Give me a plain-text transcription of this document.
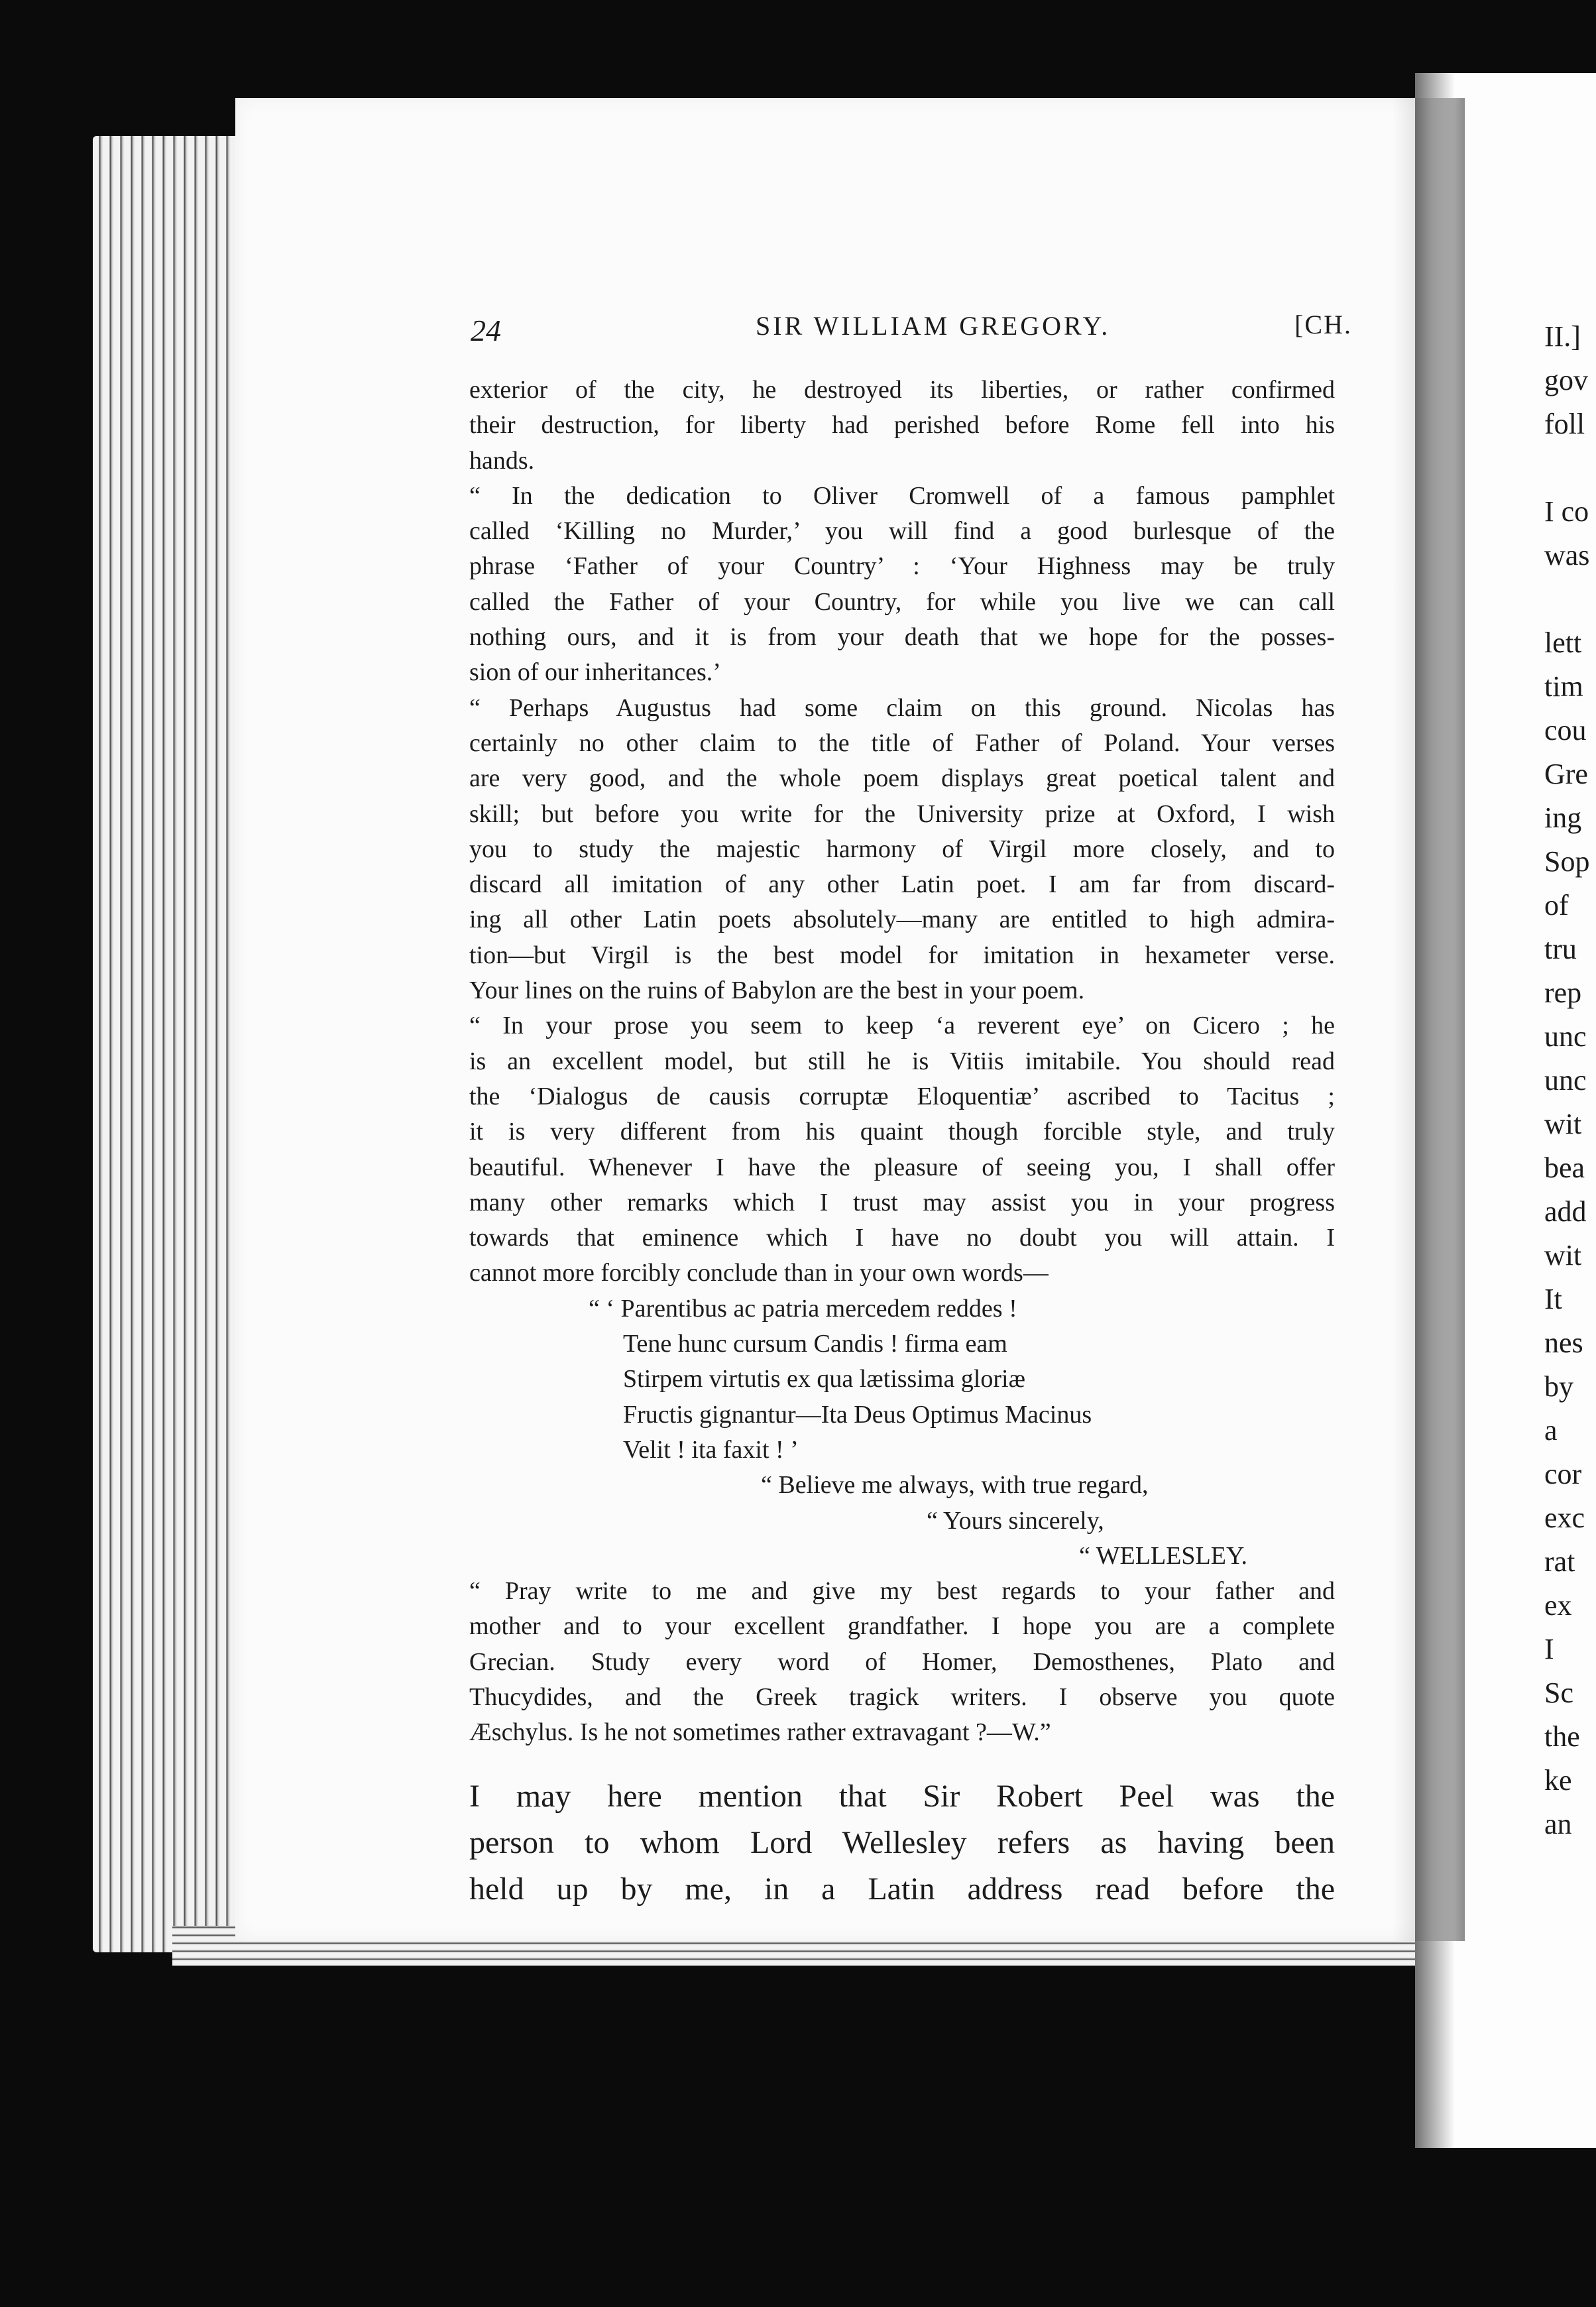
24	SIR WILLIAM GREGORY.	[CH.
exterior of the city, he destroyed its liberties, or rather confirmed
their destruction, for liberty had perished before Rome fell into his
hands.
“ In the dedication to Oliver Cromwell of a famous pamphlet
called ‘Killing no Murder,’ you will find a good burlesque of the
phrase ‘Father of your Country’ : ‘Your Highness may be truly
called the Father of your Country, for while you live we can call
nothing ours, and it is from your death that we hope for the posses-
sion of our inheritances.’
“ Perhaps Augustus had some claim on this ground. Nicolas has
certainly no other claim to the title of Father of Poland. Your verses
are very good, and the whole poem displays great poetical talent and
skill; but before you write for the University prize at Oxford, I wish
you to study the majestic harmony of Virgil more closely, and to
discard all imitation of any other Latin poet. I am far from discard-
ing all other Latin poets absolutely—many are entitled to high admira-
tion—but Virgil is the best model for imitation in hexameter verse.
Your lines on the ruins of Babylon are the best in your poem.
“ In your prose you seem to keep ‘a reverent eye’ on Cicero ; he
is an excellent model, but still he is Vitiis imitabile. You should read
the ‘Dialogus de causis corruptæ Eloquentiæ’ ascribed to Tacitus ;
it is very different from his quaint though forcible style, and truly
beautiful. Whenever I have the pleasure of seeing you, I shall offer
many other remarks which I trust may assist you in your progress
towards that eminence which I have no doubt you will attain. I
cannot more forcibly conclude than in your own words—
“ ‘ Parentibus ac patria mercedem reddes !
Tene hunc cursum Candis ! firma eam
Stirpem virtutis ex qua lætissima gloriæ
Fructis gignantur—Ita Deus Optimus Macinus
Velit ! ita faxit ! ’
“ Believe me always, with true regard,
“ Yours sincerely,
“ WELLESLEY.
“ Pray write to me and give my best regards to your father and
mother and to your excellent grandfather. I hope you are a complete
Grecian. Study every word of Homer, Demosthenes, Plato and
Thucydides, and the Greek tragick writers. I observe you quote
Æschylus. Is he not sometimes rather extravagant ?—W.”
I may here mention that Sir Robert Peel was the
person to whom Lord Wellesley refers as having been
held up by me, in a Latin address read before the
II.]
gov
foll
I co
was
lett
tim
cou
Gre
ing
Sop
of
tru
rep
unc
unc
wit
bea
add
wit
It
nes
by
a
cor
exc
rat
ex
I
Sc
the
ke
an
